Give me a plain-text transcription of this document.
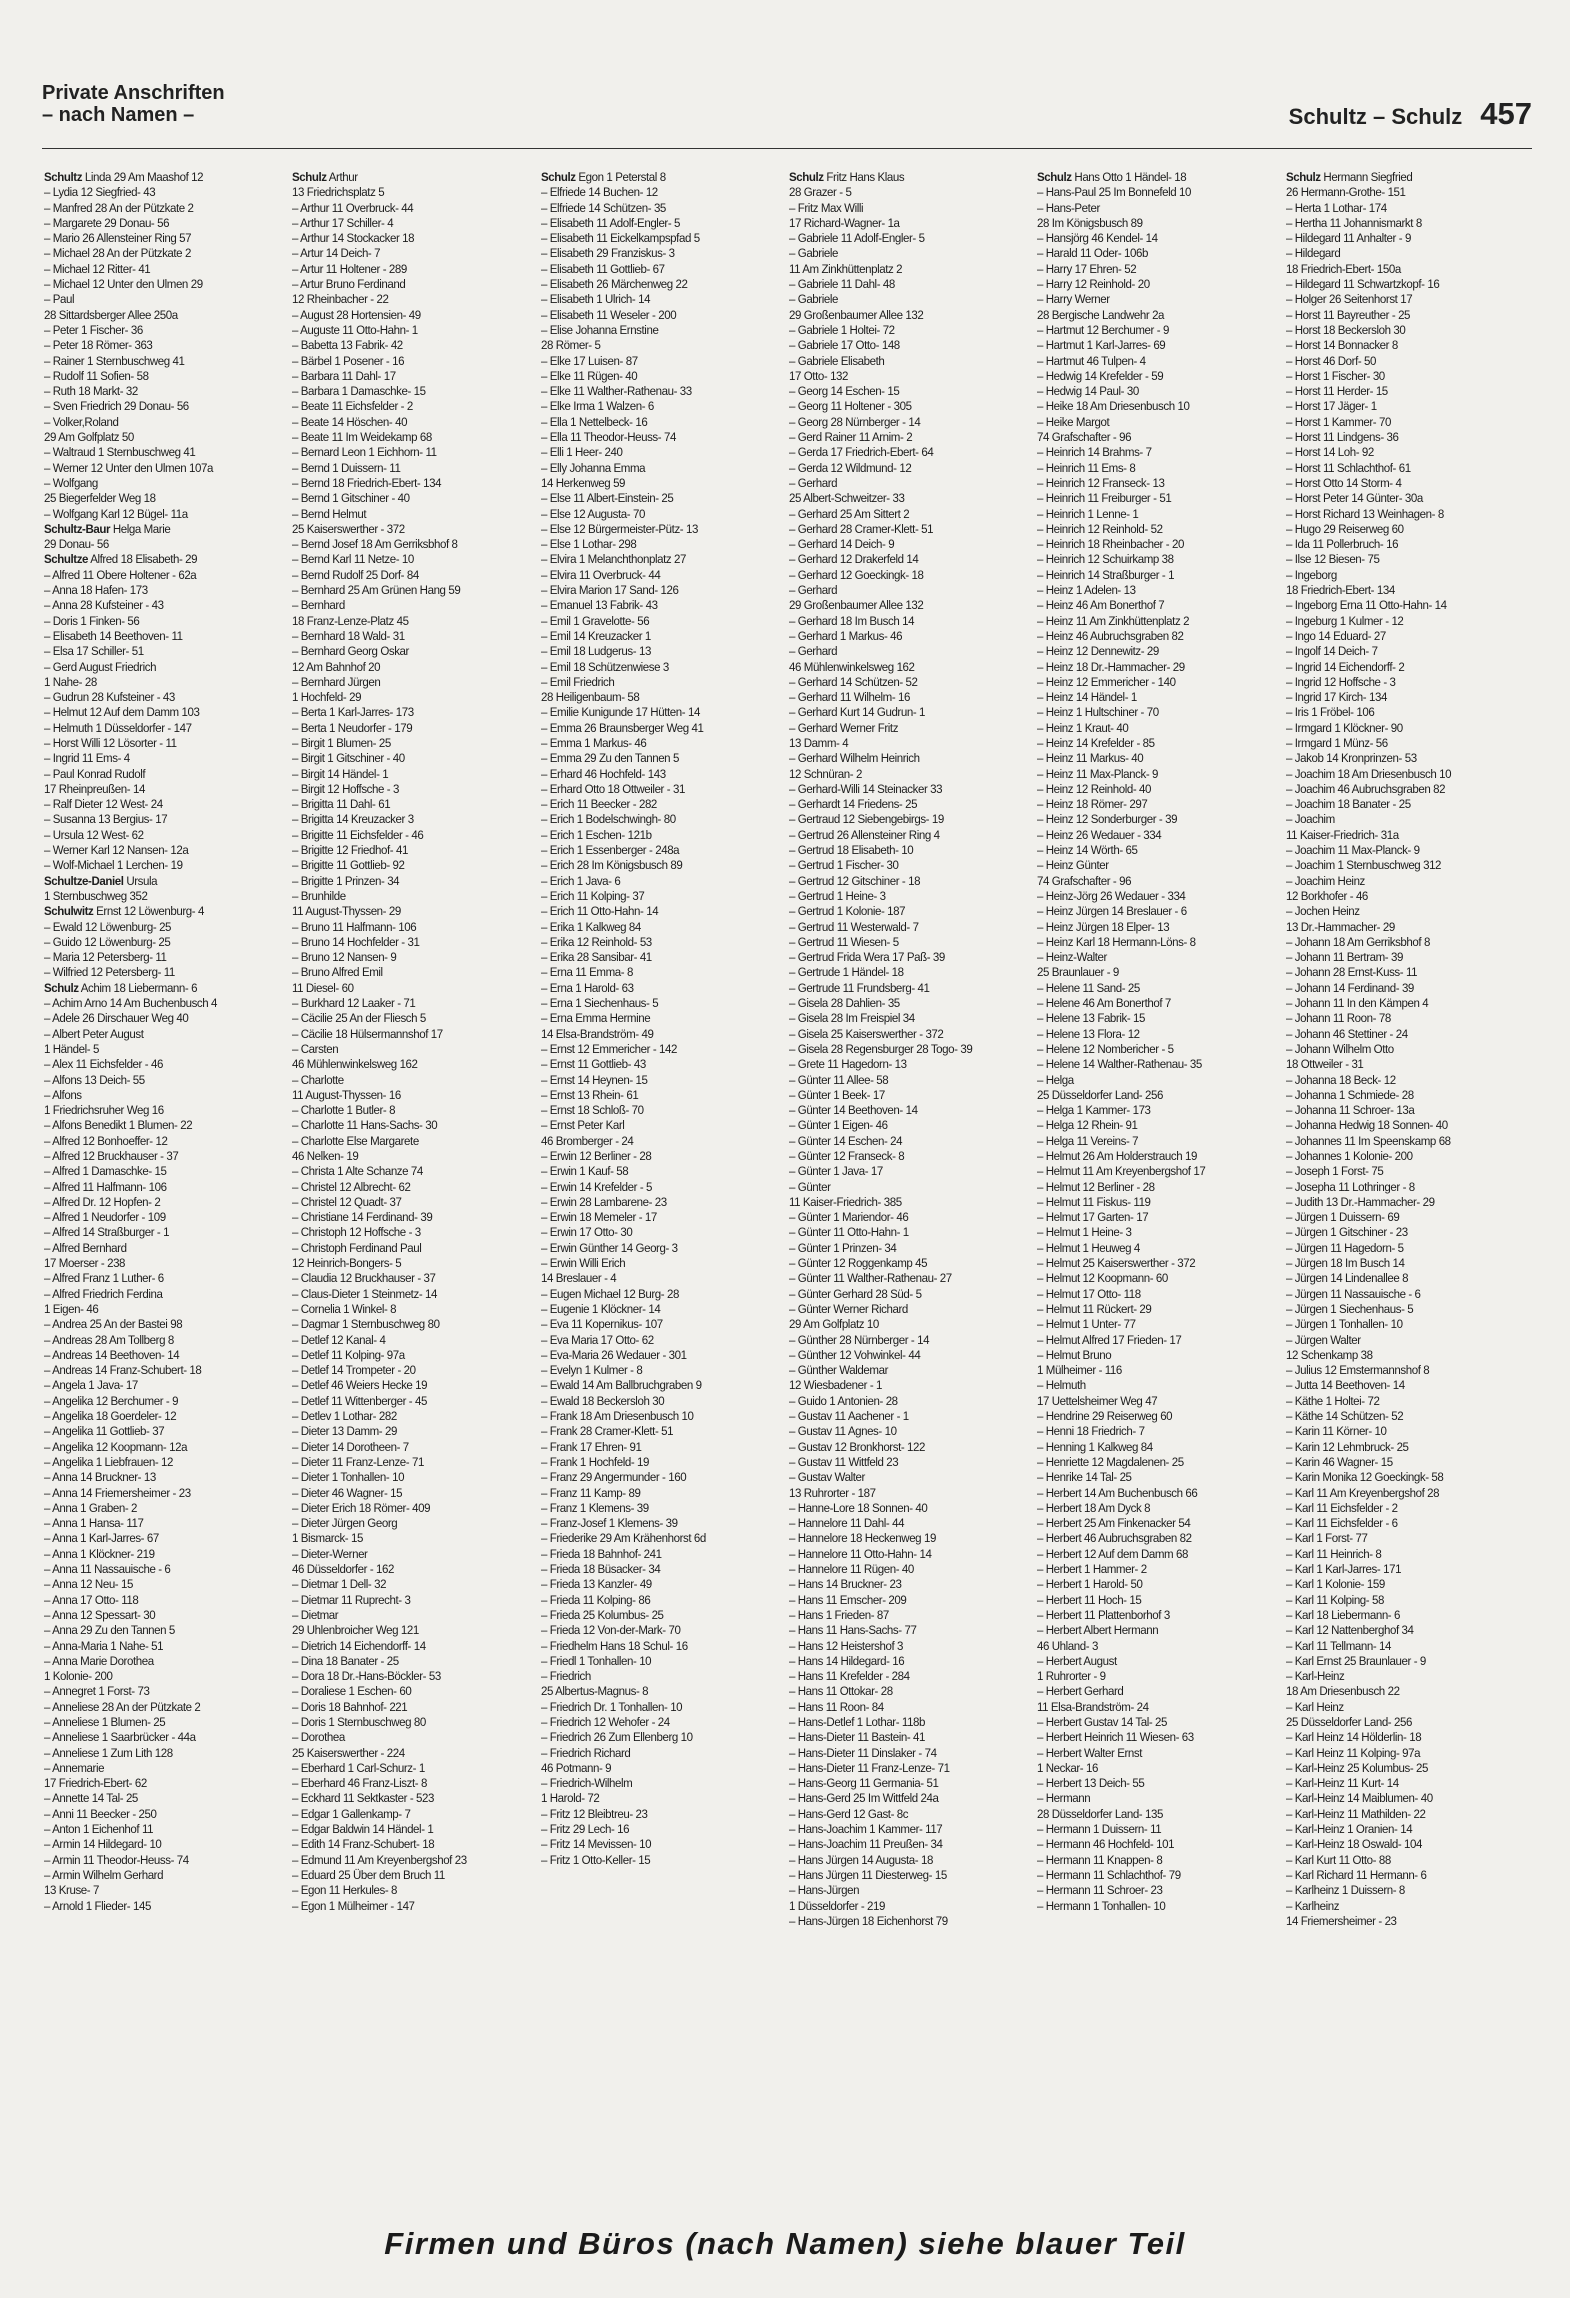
Private Anschriften
– nach Namen –	Schultz – Schulz 457
Schultz Linda 29 Am Maashof 12
– Lydia 12 Siegfried- 43
– Manfred 28 An der Pützkate 2
– Margarete 29 Donau- 56
– Mario 26 Allensteiner Ring 57
– Michael 28 An der Pützkate 2
– Michael 12 Ritter- 41
– Michael 12 Unter den Ulmen 29
– Paul
28 Sittardsberger Allee 250a
– Peter 1 Fischer- 36
– Peter 18 Römer- 363
– Rainer 1 Sternbuschweg 41
– Rudolf 11 Sofien- 58
– Ruth 18 Markt- 32
– Sven Friedrich 29 Donau- 56
– Volker,Roland
29 Am Golfplatz 50
– Waltraud 1 Sternbuschweg 41
– Werner 12 Unter den Ulmen 107a
– Wolfgang
25 Biegerfelder Weg 18
– Wolfgang Karl 12 Bügel- 11a
Schultz-Baur Helga Marie
29 Donau- 56
Schultze Alfred 18 Elisabeth- 29
– Alfred 11 Obere Holtener - 62a
– Anna 18 Hafen- 173
– Anna 28 Kufsteiner - 43
– Doris 1 Finken- 56
– Elisabeth 14 Beethoven- 11
– Elsa 17 Schiller- 51
– Gerd August Friedrich
1 Nahe- 28
– Gudrun 28 Kufsteiner - 43
– Helmut 12 Auf dem Damm 103
– Helmuth 1 Düsseldorfer - 147
– Horst Willi 12 Lösorter - 11
– Ingrid 11 Ems- 4
– Paul Konrad Rudolf
17 Rheinpreußen- 14
– Ralf Dieter 12 West- 24
– Susanna 13 Bergius- 17
– Ursula 12 West- 62
– Werner Karl 12 Nansen- 12a
– Wolf-Michael 1 Lerchen- 19
Schultze-Daniel Ursula
1 Sternbuschweg 352
Schulwitz Ernst 12 Löwenburg- 4
– Ewald 12 Löwenburg- 25
– Guido 12 Löwenburg- 25
– Maria 12 Petersberg- 11
– Wilfried 12 Petersberg- 11
Schulz Achim 18 Liebermann- 6
– Achim Arno 14 Am Buchenbusch 4
– Adele 26 Dirschauer Weg 40
– Albert Peter August
1 Händel- 5
– Alex 11 Eichsfelder - 46
– Alfons 13 Deich- 55
– Alfons
1 Friedrichsruher Weg 16
– Alfons Benedikt 1 Blumen- 22
– Alfred 12 Bonhoeffer- 12
– Alfred 12 Bruckhauser - 37
– Alfred 1 Damaschke- 15
– Alfred 11 Halfmann- 106
– Alfred Dr. 12 Hopfen- 2
– Alfred 1 Neudorfer - 109
– Alfred 14 Straßburger - 1
– Alfred Bernhard
17 Moerser - 238
– Alfred Franz 1 Luther- 6
– Alfred Friedrich Ferdina
1 Eigen- 46
– Andrea 25 An der Bastei 98
– Andreas 28 Am Tollberg 8
– Andreas 14 Beethoven- 14
– Andreas 14 Franz-Schubert- 18
– Angela 1 Java- 17
– Angelika 12 Berchumer - 9
– Angelika 18 Goerdeler- 12
– Angelika 11 Gottlieb- 37
– Angelika 12 Koopmann- 12a
– Angelika 1 Liebfrauen- 12
– Anna 14 Bruckner- 13
– Anna 14 Friemersheimer - 23
– Anna 1 Graben- 2
– Anna 1 Hansa- 117
– Anna 1 Karl-Jarres- 67
– Anna 1 Klöckner- 219
– Anna 11 Nassauische - 6
– Anna 12 Neu- 15
– Anna 17 Otto- 118
– Anna 12 Spessart- 30
– Anna 29 Zu den Tannen 5
– Anna-Maria 1 Nahe- 51
– Anna Marie Dorothea
1 Kolonie- 200
– Annegret 1 Forst- 73
– Anneliese 28 An der Pützkate 2
– Anneliese 1 Blumen- 25
– Anneliese 1 Saarbrücker - 44a
– Anneliese 1 Zum Lith 128
– Annemarie
17 Friedrich-Ebert- 62
– Annette 14 Tal- 25
– Anni 11 Beecker - 250
– Anton 1 Eichenhof 11
– Armin 14 Hildegard- 10
– Armin 11 Theodor-Heuss- 74
– Armin Wilhelm Gerhard
13 Kruse- 7
– Arnold 1 Flieder- 145
Schulz Arthur
13 Friedrichsplatz 5
– Arthur 11 Overbruck- 44
– Arthur 17 Schiller- 4
– Arthur 14 Stockacker 18
– Artur 14 Deich- 7
– Artur 11 Holtener - 289
– Artur Bruno Ferdinand
12 Rheinbacher - 22
– August 28 Hortensien- 49
– Auguste 11 Otto-Hahn- 1
– Babetta 13 Fabrik- 42
– Bärbel 1 Posener - 16
– Barbara 11 Dahl- 17
– Barbara 1 Damaschke- 15
– Beate 11 Eichsfelder - 2
– Beate 14 Höschen- 40
– Beate 11 Im Weidekamp 68
– Bernard Leon 1 Eichhorn- 11
– Bernd 1 Duissern- 11
– Bernd 18 Friedrich-Ebert- 134
– Bernd 1 Gitschiner - 40
– Bernd Helmut
25 Kaiserswerther - 372
– Bernd Josef 18 Am Gerriksbhof 8
– Bernd Karl 11 Netze- 10
– Bernd Rudolf 25 Dorf- 84
– Bernhard 25 Am Grünen Hang 59
– Bernhard
18 Franz-Lenze-Platz 45
– Bernhard 18 Wald- 31
– Bernhard Georg Oskar
12 Am Bahnhof 20
– Bernhard Jürgen
1 Hochfeld- 29
– Berta 1 Karl-Jarres- 173
– Berta 1 Neudorfer - 179
– Birgit 1 Blumen- 25
– Birgit 1 Gitschiner - 40
– Birgit 14 Händel- 1
– Birgit 12 Hoffsche - 3
– Brigitta 11 Dahl- 61
– Brigitta 14 Kreuzacker 3
– Brigitte 11 Eichsfelder - 46
– Brigitte 12 Friedhof- 41
– Brigitte 11 Gottlieb- 92
– Brigitte 1 Prinzen- 34
– Brunhilde
11 August-Thyssen- 29
– Bruno 11 Halfmann- 106
– Bruno 14 Hochfelder - 31
– Bruno 12 Nansen- 9
– Bruno Alfred Emil
11 Diesel- 60
– Burkhard 12 Laaker - 71
– Cäcilie 25 An der Fliesch 5
– Cäcilie 18 Hülsermannshof 17
– Carsten
46 Mühlenwinkelsweg 162
– Charlotte
11 August-Thyssen- 16
– Charlotte 1 Butler- 8
– Charlotte 11 Hans-Sachs- 30
– Charlotte Else Margarete
46 Nelken- 19
– Christa 1 Alte Schanze 74
– Christel 12 Albrecht- 62
– Christel 12 Quadt- 37
– Christiane 14 Ferdinand- 39
– Christoph 12 Hoffsche - 3
– Christoph Ferdinand Paul
12 Heinrich-Bongers- 5
– Claudia 12 Bruckhauser - 37
– Claus-Dieter 1 Steinmetz- 14
– Cornelia 1 Winkel- 8
– Dagmar 1 Sternbuschweg 80
– Detlef 12 Kanal- 4
– Detlef 11 Kolping- 97a
– Detlef 14 Trompeter - 20
– Detlef 46 Weiers Hecke 19
– Detlef 11 Wittenberger - 45
– Detlev 1 Lothar- 282
– Dieter 13 Damm- 29
– Dieter 14 Dorotheen- 7
– Dieter 11 Franz-Lenze- 71
– Dieter 1 Tonhallen- 10
– Dieter 46 Wagner- 15
– Dieter Erich 18 Römer- 409
– Dieter Jürgen Georg
1 Bismarck- 15
– Dieter-Werner
46 Düsseldorfer - 162
– Dietmar 1 Dell- 32
– Dietmar 11 Ruprecht- 3
– Dietmar
29 Uhlenbroicher Weg 121
– Dietrich 14 Eichendorff- 14
– Dina 18 Banater - 25
– Dora 18 Dr.-Hans-Böckler- 53
– Doraliese 1 Eschen- 60
– Doris 18 Bahnhof- 221
– Doris 1 Sternbuschweg 80
– Dorothea
25 Kaiserswerther - 224
– Eberhard 1 Carl-Schurz- 1
– Eberhard 46 Franz-Liszt- 8
– Eckhard 11 Sektkaster - 523
– Edgar 1 Gallenkamp- 7
– Edgar Baldwin 14 Händel- 1
– Edith 14 Franz-Schubert- 18
– Edmund 11 Am Kreyenbergshof 23
– Eduard 25 Über dem Bruch 11
– Egon 11 Herkules- 8
– Egon 1 Mülheimer - 147
Schulz Egon 1 Peterstal 8
– Elfriede 14 Buchen- 12
– Elfriede 14 Schützen- 35
– Elisabeth 11 Adolf-Engler- 5
– Elisabeth 11 Eickelkampspfad 5
– Elisabeth 29 Franziskus- 3
– Elisabeth 11 Gottlieb- 67
– Elisabeth 26 Märchenweg 22
– Elisabeth 1 Ulrich- 14
– Elisabeth 11 Weseler - 200
– Elise Johanna Ernstine
28 Römer- 5
– Elke 17 Luisen- 87
– Elke 11 Rügen- 40
– Elke 11 Walther-Rathenau- 33
– Elke Irma 1 Walzen- 6
– Ella 1 Nettelbeck- 16
– Ella 11 Theodor-Heuss- 74
– Elli 1 Heer- 240
– Elly Johanna Emma
14 Herkenweg 59
– Else 11 Albert-Einstein- 25
– Else 12 Augusta- 70
– Else 12 Bürgermeister-Pütz- 13
– Else 1 Lothar- 298
– Elvira 1 Melanchthonplatz 27
– Elvira 11 Overbruck- 44
– Elvira Marion 17 Sand- 126
– Emanuel 13 Fabrik- 43
– Emil 1 Gravelotte- 56
– Emil 14 Kreuzacker 1
– Emil 18 Ludgerus- 13
– Emil 18 Schützenwiese 3
– Emil Friedrich
28 Heiligenbaum- 58
– Emilie Kunigunde 17 Hütten- 14
– Emma 26 Braunsberger Weg 41
– Emma 1 Markus- 46
– Emma 29 Zu den Tannen 5
– Erhard 46 Hochfeld- 143
– Erhard Otto 18 Ottweiler - 31
– Erich 11 Beecker - 282
– Erich 1 Bodelschwingh- 80
– Erich 1 Eschen- 121b
– Erich 1 Essenberger - 248a
– Erich 28 Im Königsbusch 89
– Erich 1 Java- 6
– Erich 11 Kolping- 37
– Erich 11 Otto-Hahn- 14
– Erika 1 Kalkweg 84
– Erika 12 Reinhold- 53
– Erika 28 Sansibar- 41
– Erna 11 Emma- 8
– Erna 1 Harold- 63
– Erna 1 Siechenhaus- 5
– Erna Emma Hermine
14 Elsa-Brandström- 49
– Ernst 12 Emmericher - 142
– Ernst 11 Gottlieb- 43
– Ernst 14 Heynen- 15
– Ernst 13 Rhein- 61
– Ernst 18 Schloß- 70
– Ernst Peter Karl
46 Bromberger - 24
– Erwin 12 Berliner - 28
– Erwin 1 Kauf- 58
– Erwin 14 Krefelder - 5
– Erwin 28 Lambarene- 23
– Erwin 18 Memeler - 17
– Erwin 17 Otto- 30
– Erwin Günther 14 Georg- 3
– Erwin Willi Erich
14 Breslauer - 4
– Eugen Michael 12 Burg- 28
– Eugenie 1 Klöckner- 14
– Eva 11 Kopernikus- 107
– Eva Maria 17 Otto- 62
– Eva-Maria 26 Wedauer - 301
– Evelyn 1 Kulmer - 8
– Ewald 14 Am Ballbruchgraben 9
– Ewald 18 Beckersloh 30
– Frank 18 Am Driesenbusch 10
– Frank 28 Cramer-Klett- 51
– Frank 17 Ehren- 91
– Frank 1 Hochfeld- 19
– Franz 29 Angermunder - 160
– Franz 11 Kamp- 89
– Franz 1 Klemens- 39
– Franz-Josef 1 Klemens- 39
– Friederike 29 Am Krähenhorst 6d
– Frieda 18 Bahnhof- 241
– Frieda 18 Büsacker- 34
– Frieda 13 Kanzler- 49
– Frieda 11 Kolping- 86
– Frieda 25 Kolumbus- 25
– Frieda 12 Von-der-Mark- 70
– Friedhelm Hans 18 Schul- 16
– Friedl 1 Tonhallen- 10
– Friedrich
25 Albertus-Magnus- 8
– Friedrich Dr. 1 Tonhallen- 10
– Friedrich 12 Wehofer - 24
– Friedrich 26 Zum Ellenberg 10
– Friedrich Richard
46 Potmann- 9
– Friedrich-Wilhelm
1 Harold- 72
– Fritz 12 Bleibtreu- 23
– Fritz 29 Lech- 16
– Fritz 14 Mevissen- 10
– Fritz 1 Otto-Keller- 15
Schulz Fritz Hans Klaus
28 Grazer - 5
– Fritz Max Willi
17 Richard-Wagner- 1a
– Gabriele 11 Adolf-Engler- 5
– Gabriele
11 Am Zinkhüttenplatz 2
– Gabriele 11 Dahl- 48
– Gabriele
29 Großenbaumer Allee 132
– Gabriele 1 Holtei- 72
– Gabriele 17 Otto- 148
– Gabriele Elisabeth
17 Otto- 132
– Georg 14 Eschen- 15
– Georg 11 Holtener - 305
– Georg 28 Nürnberger - 14
– Gerd Rainer 11 Arnim- 2
– Gerda 17 Friedrich-Ebert- 64
– Gerda 12 Wildmund- 12
– Gerhard
25 Albert-Schweitzer- 33
– Gerhard 25 Am Sittert 2
– Gerhard 28 Cramer-Klett- 51
– Gerhard 14 Deich- 9
– Gerhard 12 Drakerfeld 14
– Gerhard 12 Goeckingk- 18
– Gerhard
29 Großenbaumer Allee 132
– Gerhard 18 Im Busch 14
– Gerhard 1 Markus- 46
– Gerhard
46 Mühlenwinkelsweg 162
– Gerhard 14 Schützen- 52
– Gerhard 11 Wilhelm- 16
– Gerhard Kurt 14 Gudrun- 1
– Gerhard Werner Fritz
13 Damm- 4
– Gerhard Wilhelm Heinrich
12 Schnüran- 2
– Gerhard-Willi 14 Steinacker 33
– Gerhardt 14 Friedens- 25
– Gertraud 12 Siebengebirgs- 19
– Gertrud 26 Allensteiner Ring 4
– Gertrud 18 Elisabeth- 10
– Gertrud 1 Fischer- 30
– Gertrud 12 Gitschiner - 18
– Gertrud 1 Heine- 3
– Gertrud 1 Kolonie- 187
– Gertrud 11 Westerwald- 7
– Gertrud 11 Wiesen- 5
– Gertrud Frida Wera 17 Paß- 39
– Gertrude 1 Händel- 18
– Gertrude 11 Frundsberg- 41
– Gisela 28 Dahlien- 35
– Gisela 28 Im Freispiel 34
– Gisela 25 Kaiserswerther - 372
– Gisela 28 Regensburger 28 Togo- 39
– Grete 11 Hagedorn- 13
– Günter 11 Allee- 58
– Günter 1 Beek- 17
– Günter 14 Beethoven- 14
– Günter 1 Eigen- 46
– Günter 14 Eschen- 24
– Günter 12 Franseck- 8
– Günter 1 Java- 17
– Günter
11 Kaiser-Friedrich- 385
– Günter 1 Mariendor- 46
– Günter 11 Otto-Hahn- 1
– Günter 1 Prinzen- 34
– Günter 12 Roggenkamp 45
– Günter 11 Walther-Rathenau- 27
– Günter Gerhard 28 Süd- 5
– Günter Werner Richard
29 Am Golfplatz 10
– Günther 28 Nürnberger - 14
– Günther 12 Vohwinkel- 44
– Günther Waldemar
12 Wiesbadener - 1
– Guido 1 Antonien- 28
– Gustav 11 Aachener - 1
– Gustav 11 Agnes- 10
– Gustav 12 Bronkhorst- 122
– Gustav 11 Wittfeld 23
– Gustav Walter
13 Ruhrorter - 187
– Hanne-Lore 18 Sonnen- 40
– Hannelore 11 Dahl- 44
– Hannelore 18 Heckenweg 19
– Hannelore 11 Otto-Hahn- 14
– Hannelore 11 Rügen- 40
– Hans 14 Bruckner- 23
– Hans 11 Emscher- 209
– Hans 1 Frieden- 87
– Hans 11 Hans-Sachs- 77
– Hans 12 Heistershof 3
– Hans 14 Hildegard- 16
– Hans 11 Krefelder - 284
– Hans 11 Ottokar- 28
– Hans 11 Roon- 84
– Hans-Detlef 1 Lothar- 118b
– Hans-Dieter 11 Bastein- 41
– Hans-Dieter 11 Dinslaker - 74
– Hans-Dieter 11 Franz-Lenze- 71
– Hans-Georg 11 Germania- 51
– Hans-Gerd 25 Im Wittfeld 24a
– Hans-Gerd 12 Gast- 8c
– Hans-Joachim 1 Kammer- 117
– Hans-Joachim 11 Preußen- 34
– Hans Jürgen 14 Augusta- 18
– Hans Jürgen 11 Diesterweg- 15
– Hans-Jürgen
1 Düsseldorfer - 219
– Hans-Jürgen 18 Eichenhorst 79
Schulz Hans Otto 1 Händel- 18
– Hans-Paul 25 Im Bonnefeld 10
– Hans-Peter
28 Im Königsbusch 89
– Hansjörg 46 Kendel- 14
– Harald 11 Oder- 106b
– Harry 17 Ehren- 52
– Harry 12 Reinhold- 20
– Harry Werner
28 Bergische Landwehr 2a
– Hartmut 12 Berchumer - 9
– Hartmut 1 Karl-Jarres- 69
– Hartmut 46 Tulpen- 4
– Hedwig 14 Krefelder - 59
– Hedwig 14 Paul- 30
– Heike 18 Am Driesenbusch 10
– Heike Margot
74 Grafschafter - 96
– Heinrich 14 Brahms- 7
– Heinrich 11 Ems- 8
– Heinrich 12 Franseck- 13
– Heinrich 11 Freiburger - 51
– Heinrich 1 Lenne- 1
– Heinrich 12 Reinhold- 52
– Heinrich 18 Rheinbacher - 20
– Heinrich 12 Schuirkamp 38
– Heinrich 14 Straßburger - 1
– Heinz 1 Adelen- 13
– Heinz 46 Am Bonerthof 7
– Heinz 11 Am Zinkhüttenplatz 2
– Heinz 46 Aubruchsgraben 82
– Heinz 12 Dennewitz- 29
– Heinz 18 Dr.-Hammacher- 29
– Heinz 12 Emmericher - 140
– Heinz 14 Händel- 1
– Heinz 1 Hultschiner - 70
– Heinz 1 Kraut- 40
– Heinz 14 Krefelder - 85
– Heinz 11 Markus- 40
– Heinz 11 Max-Planck- 9
– Heinz 12 Reinhold- 40
– Heinz 18 Römer- 297
– Heinz 12 Sonderburger - 39
– Heinz 26 Wedauer - 334
– Heinz 14 Wörth- 65
– Heinz Günter
74 Grafschafter - 96
– Heinz-Jörg 26 Wedauer - 334
– Heinz Jürgen 14 Breslauer - 6
– Heinz Jürgen 18 Elper- 13
– Heinz Karl 18 Hermann-Löns- 8
– Heinz-Walter
25 Braunlauer - 9
– Helene 11 Sand- 25
– Helene 46 Am Bonerthof 7
– Helene 13 Fabrik- 15
– Helene 13 Flora- 12
– Helene 12 Nombericher - 5
– Helene 14 Walther-Rathenau- 35
– Helga
25 Düsseldorfer Land- 256
– Helga 1 Kammer- 173
– Helga 12 Rhein- 91
– Helga 11 Vereins- 7
– Helmut 26 Am Holderstrauch 19
– Helmut 11 Am Kreyenbergshof 17
– Helmut 12 Berliner - 28
– Helmut 11 Fiskus- 119
– Helmut 17 Garten- 17
– Helmut 1 Heine- 3
– Helmut 1 Heuweg 4
– Helmut 25 Kaiserswerther - 372
– Helmut 12 Koopmann- 60
– Helmut 17 Otto- 118
– Helmut 11 Rückert- 29
– Helmut 1 Unter- 77
– Helmut Alfred 17 Frieden- 17
– Helmut Bruno
1 Mülheimer - 116
– Helmuth
17 Uettelsheimer Weg 47
– Hendrine 29 Reiserweg 60
– Henni 18 Friedrich- 7
– Henning 1 Kalkweg 84
– Henriette 12 Magdalenen- 25
– Henrike 14 Tal- 25
– Herbert 14 Am Buchenbusch 66
– Herbert 18 Am Dyck 8
– Herbert 25 Am Finkenacker 54
– Herbert 46 Aubruchsgraben 82
– Herbert 12 Auf dem Damm 68
– Herbert 1 Hammer- 2
– Herbert 1 Harold- 50
– Herbert 11 Hoch- 15
– Herbert 11 Plattenborhof 3
– Herbert Albert Hermann
46 Uhland- 3
– Herbert August
1 Ruhrorter - 9
– Herbert Gerhard
11 Elsa-Brandström- 24
– Herbert Gustav 14 Tal- 25
– Herbert Heinrich 11 Wiesen- 63
– Herbert Walter Ernst
1 Neckar- 16
– Herbert 13 Deich- 55
– Hermann
28 Düsseldorfer Land- 135
– Hermann 1 Duissern- 11
– Hermann 46 Hochfeld- 101
– Hermann 11 Knappen- 8
– Hermann 11 Schlachthof- 79
– Hermann 11 Schroer- 23
– Hermann 1 Tonhallen- 10
Schulz Hermann Siegfried
26 Hermann-Grothe- 151
– Herta 1 Lothar- 174
– Hertha 11 Johannismarkt 8
– Hildegard 11 Anhalter - 9
– Hildegard
18 Friedrich-Ebert- 150a
– Hildegard 11 Schwartzkopf- 16
– Holger 26 Seitenhorst 17
– Horst 11 Bayreuther - 25
– Horst 18 Beckersloh 30
– Horst 14 Bonnacker 8
– Horst 46 Dorf- 50
– Horst 1 Fischer- 30
– Horst 11 Herder- 15
– Horst 17 Jäger- 1
– Horst 1 Kammer- 70
– Horst 11 Lindgens- 36
– Horst 14 Loh- 92
– Horst 11 Schlachthof- 61
– Horst Otto 14 Storm- 4
– Horst Peter 14 Günter- 30a
– Horst Richard 13 Weinhagen- 8
– Hugo 29 Reiserweg 60
– Ida 11 Pollerbruch- 16
– Ilse 12 Biesen- 75
– Ingeborg
18 Friedrich-Ebert- 134
– Ingeborg Erna 11 Otto-Hahn- 14
– Ingeburg 1 Kulmer - 12
– Ingo 14 Eduard- 27
– Ingolf 14 Deich- 7
– Ingrid 14 Eichendorff- 2
– Ingrid 12 Hoffsche - 3
– Ingrid 17 Kirch- 134
– Iris 1 Fröbel- 106
– Irmgard 1 Klöckner- 90
– Irmgard 1 Münz- 56
– Jakob 14 Kronprinzen- 53
– Joachim 18 Am Driesenbusch 10
– Joachim 46 Aubruchsgraben 82
– Joachim 18 Banater - 25
– Joachim
11 Kaiser-Friedrich- 31a
– Joachim 11 Max-Planck- 9
– Joachim 1 Sternbuschweg 312
– Joachim Heinz
12 Borkhofer - 46
– Jochen Heinz
13 Dr.-Hammacher- 29
– Johann 18 Am Gerriksbhof 8
– Johann 11 Bertram- 39
– Johann 28 Ernst-Kuss- 11
– Johann 14 Ferdinand- 39
– Johann 11 In den Kämpen 4
– Johann 11 Roon- 78
– Johann 46 Stettiner - 24
– Johann Wilhelm Otto
18 Ottweiler - 31
– Johanna 18 Beck- 12
– Johanna 1 Schmiede- 28
– Johanna 11 Schroer- 13a
– Johanna Hedwig 18 Sonnen- 40
– Johannes 11 Im Speenskamp 68
– Johannes 1 Kolonie- 200
– Joseph 1 Forst- 75
– Josepha 11 Lothringer - 8
– Judith 13 Dr.-Hammacher- 29
– Jürgen 1 Duissern- 69
– Jürgen 1 Gitschiner - 23
– Jürgen 11 Hagedorn- 5
– Jürgen 18 Im Busch 14
– Jürgen 14 Lindenallee 8
– Jürgen 11 Nassauische - 6
– Jürgen 1 Siechenhaus- 5
– Jürgen 1 Tonhallen- 10
– Jürgen Walter
12 Schenkamp 38
– Julius 12 Emstermannshof 8
– Jutta 14 Beethoven- 14
– Käthe 1 Holtei- 72
– Käthe 14 Schützen- 52
– Karin 11 Körner- 10
– Karin 12 Lehmbruck- 25
– Karin 46 Wagner- 15
– Karin Monika 12 Goeckingk- 58
– Karl 11 Am Kreyenbergshof 28
– Karl 11 Eichsfelder - 2
– Karl 11 Eichsfelder - 6
– Karl 1 Forst- 77
– Karl 11 Heinrich- 8
– Karl 1 Karl-Jarres- 171
– Karl 1 Kolonie- 159
– Karl 11 Kolping- 58
– Karl 18 Liebermann- 6
– Karl 12 Nattenberghof 34
– Karl 11 Tellmann- 14
– Karl Ernst 25 Braunlauer - 9
– Karl-Heinz
18 Am Driesenbusch 22
– Karl Heinz
25 Düsseldorfer Land- 256
– Karl Heinz 14 Hölderlin- 18
– Karl Heinz 11 Kolping- 97a
– Karl-Heinz 25 Kolumbus- 25
– Karl-Heinz 11 Kurt- 14
– Karl-Heinz 14 Maiblumen- 40
– Karl-Heinz 11 Mathilden- 22
– Karl-Heinz 1 Oranien- 14
– Karl-Heinz 18 Oswald- 104
– Karl Kurt 11 Otto- 88
– Karl Richard 11 Hermann- 6
– Karlheinz 1 Duissern- 8
– Karlheinz
14 Friemersheimer - 23
Firmen und Büros (nach Namen) siehe blauer Teil
